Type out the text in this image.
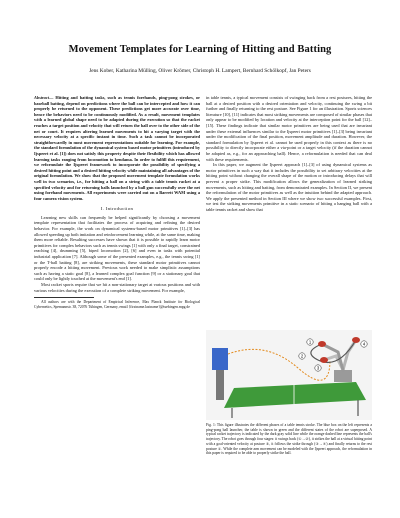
Movement Templates for Learning of Hitting and Batting
Jens Kober, Katharina Mülling, Oliver Krömer, Christoph H. Lampert, Bernhard Schölkopf, Jan Peters

Abstract— Hitting and batting tasks, such as tennis forehands, ping-pong strokes, or baseball batting, depend on predictions where the ball can be intercepted and how it can properly be returned to the opponent. These predictions get more accurate over time, hence the behaviors need to be continuously modified. As a result, movement templates with a learned global shape need to be adapted during the execution so that the racket reaches a target position and velocity that will return the ball over to the other side of the net or court. It requires altering learned movements to hit a varying target with the necessary velocity at a specific instant in time. Such a task cannot be incorporated straightforwardly in most movement representations suitable for learning. For example, the standard formulation of the dynamical system based motor primitives (introduced by Ijspeert et al. [1]) does not satisfy this property despite their flexibility which has allowed learning tasks ranging from locomotion to kendama. In order to fulfill this requirement, we reformulate the Ijspeert framework to incorporate the possibility of specifying a desired hitting point and a desired hitting velocity while maintaining all advantages of the original formulation. We show that the proposed movement template formulation works well in two scenarios, i.e., for hitting a ball on a string with a table tennis racket at a specified velocity and for returning balls launched by a ball gun successfully over the net using forehand movements. All experiments were carried out on a Barrett WAM using a four camera vision system.

I. Introduction

Learning new skills can frequently be helped significantly by choosing a movement template representation that facilitates the process of acquiring and refining the desired behavior. For example, the work on dynamical systems-based motor primitives [1]–[3] has allowed speeding up both imitation and reinforcement learning while, at the same time, making them more reliable. Resulting successes have shown that it is possible to rapidly learn motor primitives for complex behaviors such as tennis swings [1] with only a final target, constrained reaching [4], drumming [5], biped locomotion [2], [6] and even in tasks with potential industrial application [7]. Although some of the presented examples, e.g., the tennis swing [1] or the T-ball batting [8], are striking movements, these standard motor primitives cannot properly encode a hitting movement. Previous work needed to make simplistic assumptions such as having a static goal [8], a learned complex goal function [9] or a stationary goal that could only be lightly touched at the movement's end [1].

Most racket sports require that we hit a non-stationary target at various positions and with various velocities during the execution of a complete striking movement. For example,

All authors are with the Department of Empirical Inference, Max Planck Institute for Biological Cybernetics, Spemannstr. 38, 72076 Tübingen, Germany, email {firstname.lastname}@tuebingen.mpg.de

in table tennis, a typical movement consists of swinging back from a rest postures, hitting the ball at a desired position with a desired orientation and velocity, continuing the swing a bit further and finally returning to the rest posture. See Figure 1 for an illustration. Sports sciences literature [10], [11] indicates that most striking movements are composed of similar phases that only appear to be modified by location and velocity at the interception point for the ball [12]–[15]. These findings indicate that similar motor primitives are being used that are invariant under these external influences similar to the Ijspeert motor primitives [1]–[3] being invariant under the modification of the final position, movement amplitude and duration. However, the standard formulation by Ijspeert et al. cannot be used properly in this context as there is no possibility to directly incorporate either a via-point or a target velocity (if the duration cannot be adapted as, e.g., for an approaching ball). Hence, a reformulation is needed that can deal with these requirements.

In this paper, we augment the Ijspeert approach [1]–[3] of using dynamical systems as motor primitives in such a way that it includes the possibility to set arbitrary velocities at the hitting point without changing the overall shape of the motion or introducing delays that will prevent a proper strike. This modification allows the generalization of learned striking movements, such as hitting and batting, from demonstrated examples. In Section II, we present the reformulation of the motor primitives as well as the intuition behind the adapted approach. We apply the presented method in Section III where we show two successful examples. First, we test the striking movements primitive in a static scenario of hitting a hanging ball with a table tennis racket and show that

1
2
3
4
Fig. 1: This figure illustrates the different phases of a table tennis stroke. The blue box on the left represents a ping-pong ball launcher, the table is shown in green and the different states of the robot are superposed. A typical racket trajectory is indicated by the dark gray solid line while the orange dashed line represents the ball's trajectory. The robot goes through four stages: it swings back (①→②), it strikes the ball at a virtual hitting point with a goal-oriented velocity at posture ③, it follows the strike through (③→④) and finally returns to the rest posture ①. While the complete arm movement can be modeled with the Ijspeert approach, the reformulation in this paper is required to be able to properly strike the ball.
